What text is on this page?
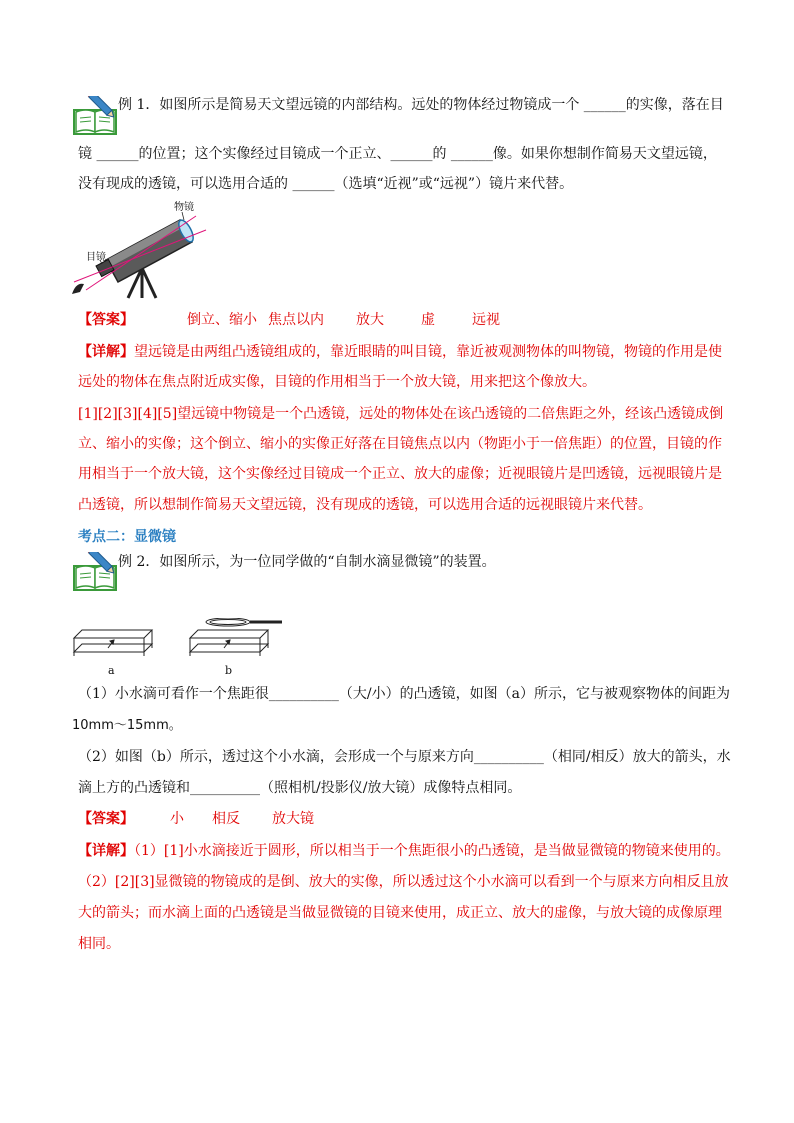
例 1．如图所示是简易天文望远镜的内部结构。远处的物体经过物镜成一个 ______的实像，落在目
镜 ______的位置；这个实像经过目镜成一个正立、______的 ______像。如果你想制作简易天文望远镜，
没有现成的透镜，可以选用合适的 ______（选填“近视”或“远视”）镜片来代替。
物镜
目镜
【答案】	倒立、缩小 焦点以内 放大	虚	远视
【详解】望远镜是由两组凸透镜组成的，靠近眼睛的叫目镜，靠近被观测物体的叫物镜，物镜的作用是使
远处的物体在焦点附近成实像，目镜的作用相当于一个放大镜，用来把这个像放大。
[1][2][3][4][5]望远镜中物镜是一个凸透镜，远处的物体处在该凸透镜的二倍焦距之外，经该凸透镜成倒
立、缩小的实像；这个倒立、缩小的实像正好落在目镜焦点以内（物距小于一倍焦距）的位置，目镜的作
用相当于一个放大镜，这个实像经过目镜成一个正立、放大的虚像；近视眼镜片是凹透镜，远视眼镜片是
凸透镜，所以想制作简易天文望远镜，没有现成的透镜，可以选用合适的远视眼镜片来代替。
考点二：显微镜
例 2．如图所示，为一位同学做的“自制水滴显微镜”的装置。
a	b
（1）小水滴可看作一个焦距很__________（大/小）的凸透镜，如图（a）所示，它与被观察物体的间距为
10mm～15mm。
（2）如图（b）所示，透过这个小水滴，会形成一个与原来方向__________（相同/相反）放大的箭头，水
滴上方的凸透镜和__________（照相机/投影仪/放大镜）成像特点相同。
【答案】	小 相反 放大镜
【详解】（1）[1]小水滴接近于圆形，所以相当于一个焦距很小的凸透镜，是当做显微镜的物镜来使用的。
（2）[2][3]显微镜的物镜成的是倒、放大的实像，所以透过这个小水滴可以看到一个与原来方向相反且放
大的箭头；而水滴上面的凸透镜是当做显微镜的目镜来使用，成正立、放大的虚像，与放大镜的成像原理
相同。
